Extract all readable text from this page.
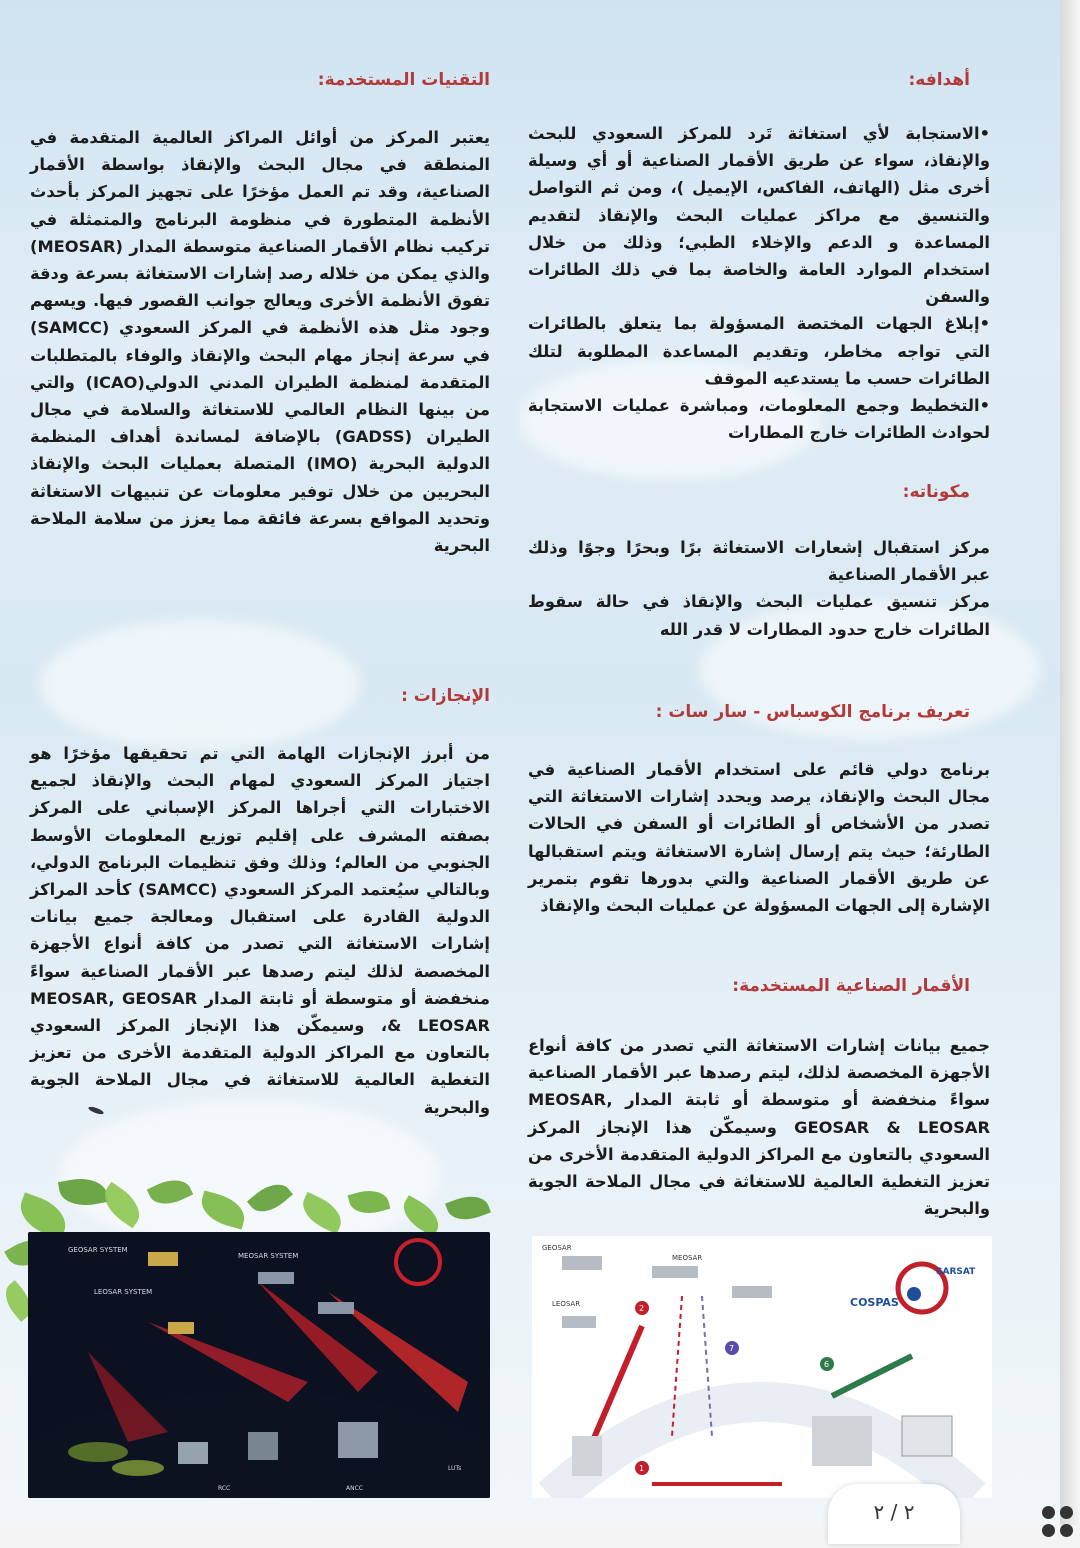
أهدافه:

•الاستجابة لأي استغاثة تَرد للمركز السعودي للبحث والإنقاذ، سواء عن طريق الأقمار الصناعية أو أي وسيلة أخرى مثل (الهاتف، الفاكس، الإيميل )، ومن ثم التواصل والتنسيق مع مراكز عمليات البحث والإنقاذ لتقديم المساعدة و الدعم والإخلاء الطبي؛ وذلك من خلال استخدام الموارد العامة والخاصة بما في ذلك الطائرات والسفن

•إبلاغ الجهات المختصة المسؤولة بما يتعلق بالطائرات التي تواجه مخاطر، وتقديم المساعدة المطلوبة لتلك الطائرات حسب ما يستدعيه الموقف

•التخطيط وجمع المعلومات، ومباشرة عمليات الاستجابة لحوادث الطائرات خارج المطارات

مكوناته:

مركز استقبال إشعارات الاستغاثة برًا وبحرًا وجوًا وذلك عبر الأقمار الصناعية

مركز تنسيق عمليات البحث والإنقاذ في حالة سقوط الطائرات خارج حدود المطارات لا قدر الله

تعريف برنامج الكوسباس - سار سات :
برنامج دولي قائم على استخدام الأقمار الصناعية في مجال البحث والإنقاذ، يرصد ويحدد إشارات الاستغاثة التي تصدر من الأشخاص أو الطائرات أو السفن في الحالات الطارئة؛ حيث يتم إرسال إشارة الاستغاثة ويتم استقبالها عن طريق الأقمار الصناعية والتي بدورها تقوم بتمرير الإشارة إلى الجهات المسؤولة عن عمليات البحث والإنقاذ
الأقمار الصناعية المستخدمة:
جميع بيانات إشارات الاستغاثة التي تصدر من كافة أنواع الأجهزة المخصصة لذلك، ليتم رصدها عبر الأقمار الصناعية سواءً منخفضة أو متوسطة أو ثابتة المدار MEOSAR, GEOSAR & LEOSAR وسيمكّن هذا الإنجاز المركز السعودي بالتعاون مع المراكز الدولية المتقدمة الأخرى من تعزيز التغطية العالمية للاستغاثة في مجال الملاحة الجوية والبحرية
التقنيات المستخدمة:
يعتبر المركز من أوائل المراكز العالمية المتقدمة في المنطقة في مجال البحث والإنقاذ بواسطة الأقمار الصناعية، وقد تم العمل مؤخرًا على تجهيز المركز بأحدث الأنظمة المتطورة في منظومة البرنامج والمتمثلة في تركيب نظام الأقمار الصناعية متوسطة المدار (MEOSAR) والذي يمكن من خلاله رصد إشارات الاستغاثة بسرعة ودقة تفوق الأنظمة الأخرى ويعالج جوانب القصور فيها. ويسهم وجود مثل هذه الأنظمة في المركز السعودي (SAMCC) في سرعة إنجاز مهام البحث والإنقاذ والوفاء بالمتطلبات المتقدمة لمنظمة الطيران المدني الدولي(ICAO) والتي من بينها النظام العالمي للاستغاثة والسلامة في مجال الطيران (GADSS) بالإضافة لمساندة أهداف المنظمة الدولية البحرية (IMO) المتصلة بعمليات البحث والإنقاذ البحريين من خلال توفير معلومات عن تنبيهات الاستغاثة وتحديد المواقع بسرعة فائقة مما يعزز من سلامة الملاحة البحرية
الإنجازات :
من أبرز الإنجازات الهامة التي تم تحقيقها مؤخرًا هو اجتياز المركز السعودي لمهام البحث والإنقاذ لجميع الاختبارات التي أجراها المركز الإسباني على المركز بصفته المشرف على إقليم توزيع المعلومات الأوسط الجنوبي من العالم؛ وذلك وفق تنظيمات البرنامج الدولي، وبالتالي سيُعتمد المركز السعودي (SAMCC) كأحد المراكز الدولية القادرة على استقبال ومعالجة جميع بيانات إشارات الاستغاثة التي تصدر من كافة أنواع الأجهزة المخصصة لذلك ليتم رصدها عبر الأقمار الصناعية سواءً منخفضة أو متوسطة أو ثابتة المدار MEOSAR, GEOSAR & LEOSAR، وسيمكّن هذا الإنجاز المركز السعودي بالتعاون مع المراكز الدولية المتقدمة الأخرى من تعزيز التغطية العالمية للاستغاثة في مجال الملاحة الجوية والبحرية
GEOSAR SYSTEM
MEOSAR SYSTEM
LEOSAR SYSTEM
RCC	ANCC
LUTs
2
1
6
7
COSPAS
SARSAT
GEOSAR
MEOSAR
LEOSAR
٢ / ٢
